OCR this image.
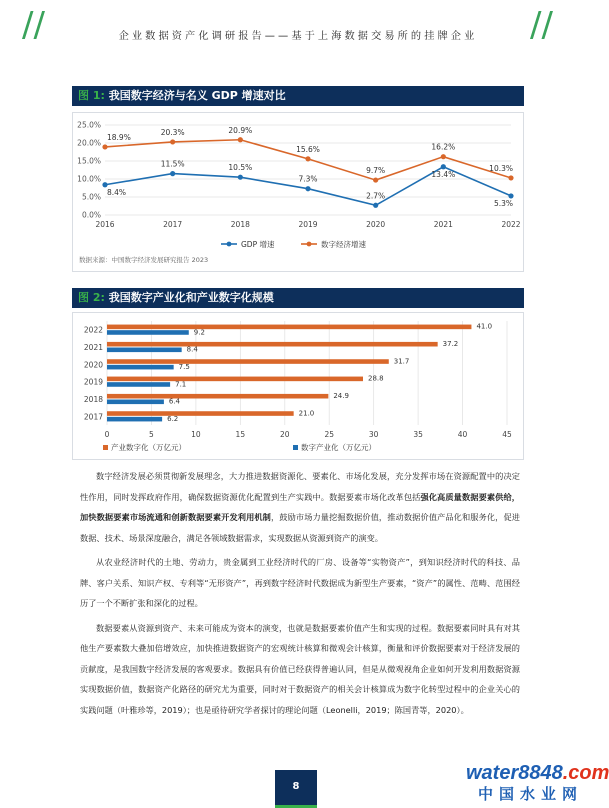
//	企业数据资产化调研报告——基于上海数据交易所的挂牌企业	//
图 1: 我国数字经济与名义 GDP 增速对比
0.0%
5.0%
10.0%
15.0%
20.0%
25.0%
2016	2017	2018	2019	2020	2021	2022
8.4%
11.5%	10.5%
7.3%
2.7%
13.4%
5.3%
18.9%
20.3%	20.9%
15.6%
9.7%
16.2%
10.3%
GDP 增速	数字经济增速
数据来源：中国数字经济发展研究报告 2023
图 2: 我国数字产业化和产业数字化规模
0	5	10	15	20	25	30	35	40	45
2022	41.0
9.2
2021	37.2
8.4
2020	31.7
7.5
2019	28.8
7.1
2018	24.9
6.4
2017	21.0
6.2
产业数字化（万亿元）	数字产业化（万亿元）

数字经济发展必须贯彻新发展理念，大力推进数据资源化、要素化、市场化发展，充分发挥市场在资源配置中的决定性作用，同时发挥政府作用，确保数据资源优化配置到生产实践中。数据要素市场化改革包括强化高质量数据要素供给，加快数据要素市场流通和创新数据要素开发利用机制，鼓励市场力量挖掘数据价值，推动数据价值产品化和服务化，促进数据、技术、场景深度融合，满足各领域数据需求，实现数据从资源到资产的演变。

从农业经济时代的土地、劳动力，贵金属到工业经济时代的厂房、设备等“实物资产”，到知识经济时代的科技、品牌、客户关系、知识产权、专利等“无形资产”，再到数字经济时代数据成为新型生产要素，“资产”的属性、范畴、范围经历了一个不断扩张和深化的过程。

数据要素从资源到资产、未来可能成为资本的演变，也就是数据要素价值产生和实现的过程。数据要素同时具有对其他生产要素数大叠加倍增效应，加快推进数据资产的宏观统计核算和微观会计核算，衡量和评价数据要素对于经济发展的贡献度，是我国数字经济发展的客观要求。数据具有价值已经获得普遍认同，但是从微观视角企业如何开发利用数据资源实现数据价值，数据资产化路径的研究尤为重要，同时对于数据资产的相关会计核算成为数字化转型过程中的企业关心的实践问题（叶雅珍等，2019）；也是亟待研究学者探讨的理论问题（Leonelli，2019；陈国青等，2020）。

8
water8848.com
中国水业网
